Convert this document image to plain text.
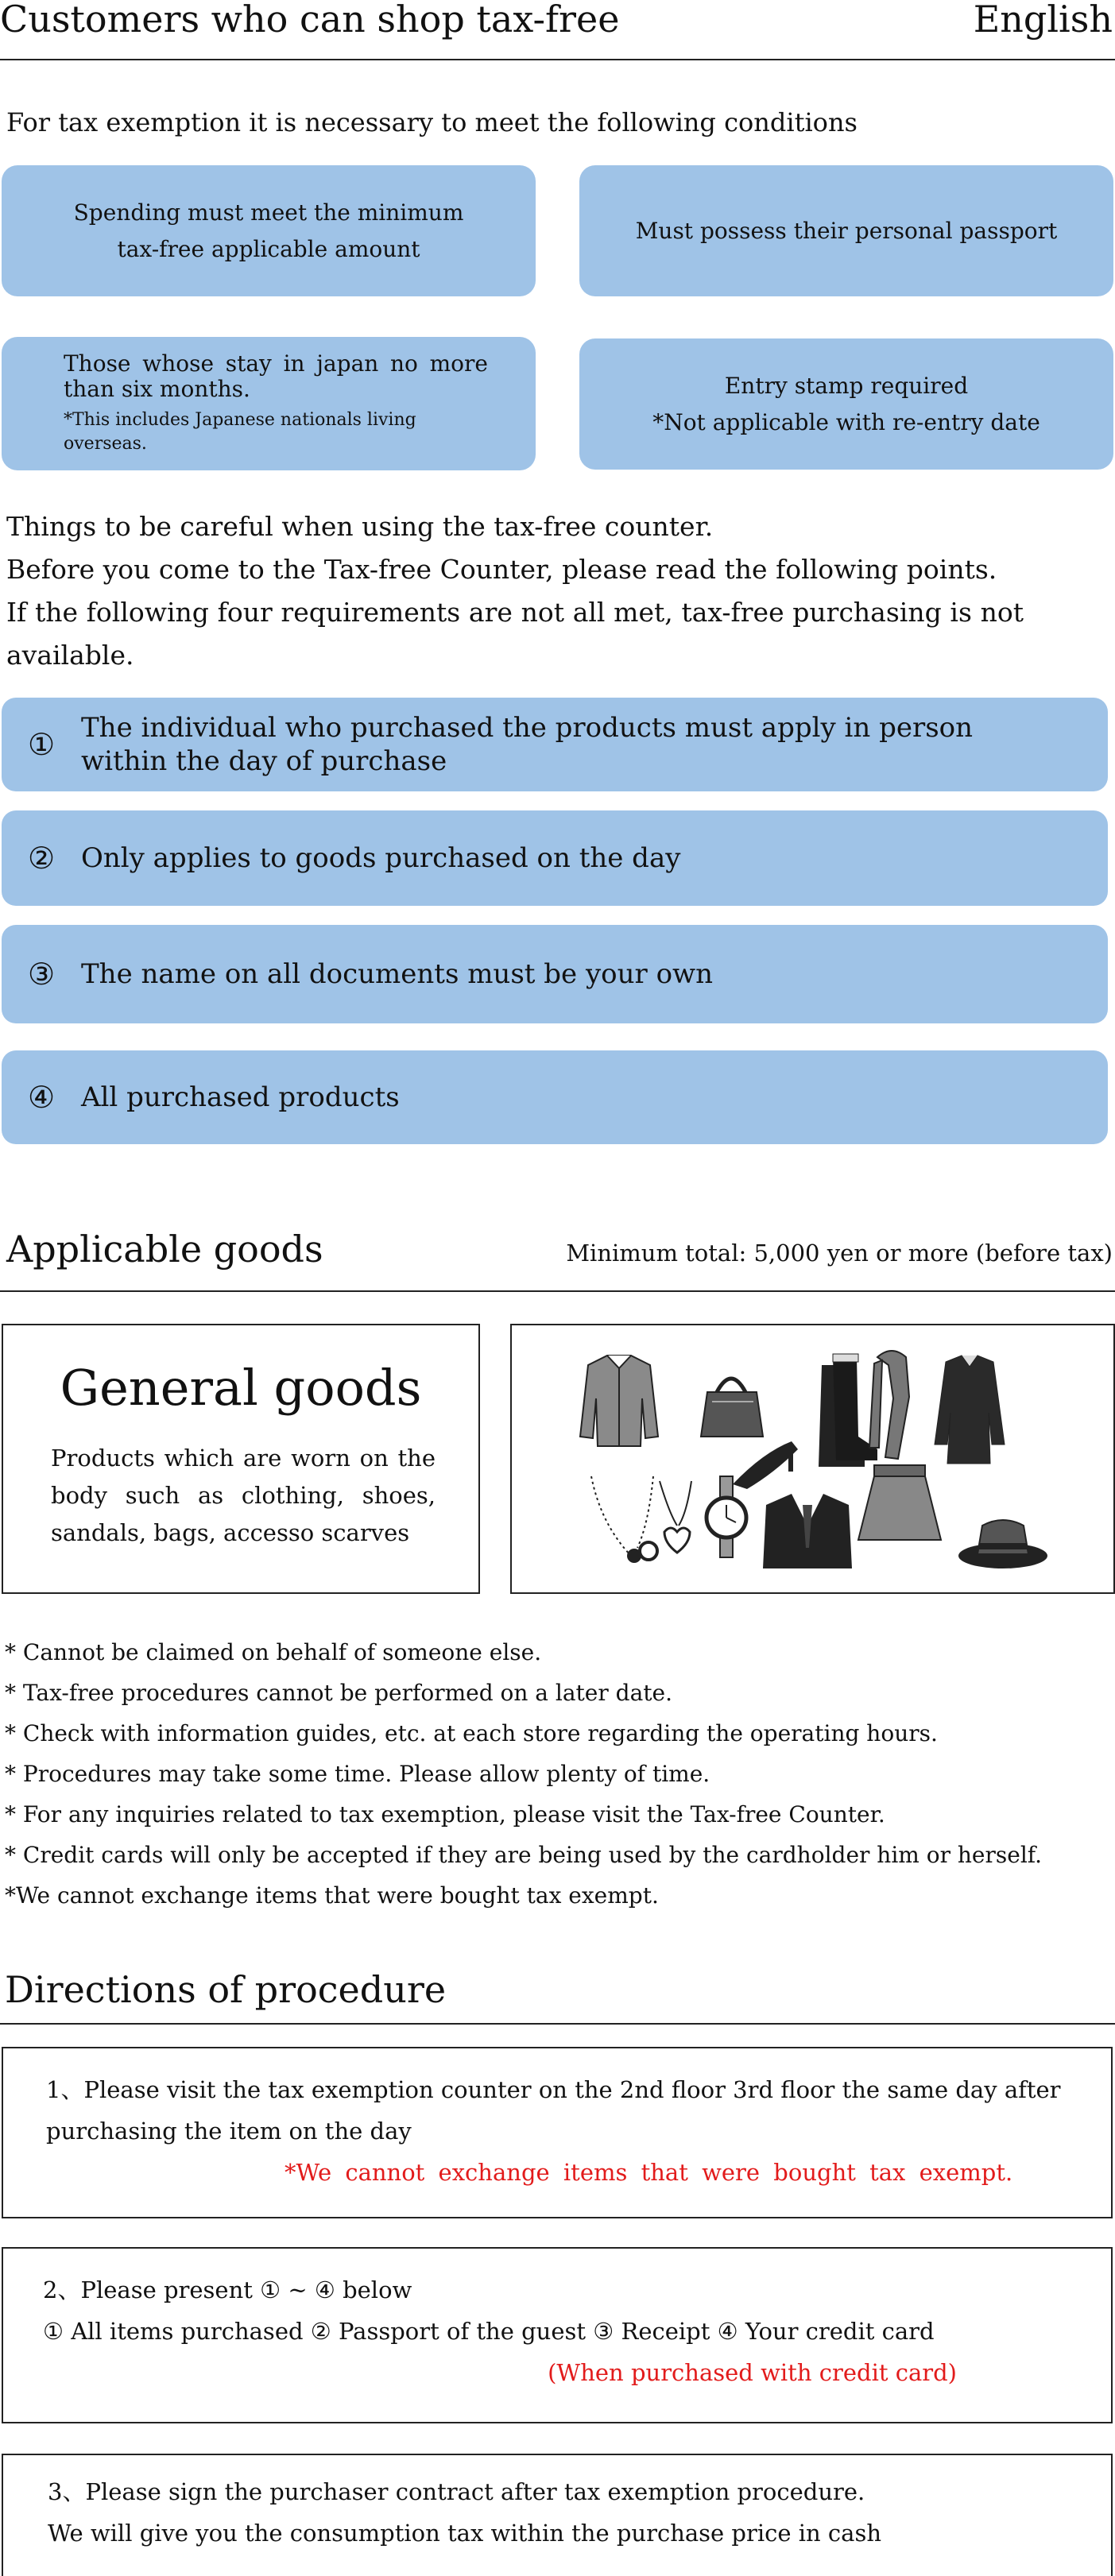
Customers who can shop tax-free	English
For tax exemption it is necessary to meet the following conditions
Spending must meet the minimum
tax-free applicable amount
Must possess their personal passport
Those whose stay in japan no more than six months.
*This includes Japanese nationals living overseas.
Entry stamp required
*Not applicable with re-entry date
Things to be careful when using the tax-free counter.
Before you come to the Tax-free Counter, please read the following points.
If the following four requirements are not all met, tax-free purchasing is not available.
① The individual who purchased the products must apply in person within the day of purchase
② Only applies to goods purchased on the day
③ The name on all documents must be your own
④ All purchased products
Applicable goods	Minimum total: 5,000 yen or more (before tax)
General goods
Products which are worn on the body such as clothing, shoes, sandals, bags, accesso scarves
* Cannot be claimed on behalf of someone else.
* Tax-free procedures cannot be performed on a later date.
* Check with information guides, etc. at each store regarding the operating hours.
* Procedures may take some time. Please allow plenty of time.
* For any inquiries related to tax exemption, please visit the Tax-free Counter.
* Credit cards will only be accepted if they are being used by the cardholder him or herself.
*We cannot exchange items that were bought tax exempt.
Directions of procedure
1、Please visit the tax exemption counter on the 2nd floor 3rd floor the same day after
purchasing the item on the day
*We cannot exchange items that were bought tax exempt.
2、Please present ① ~ ④ below
① All items purchased ② Passport of the guest ③ Receipt ④ Your credit card
(When purchased with credit card)
3、Please sign the purchaser contract after tax exemption procedure.
We will give you the consumption tax within the purchase price in cash
